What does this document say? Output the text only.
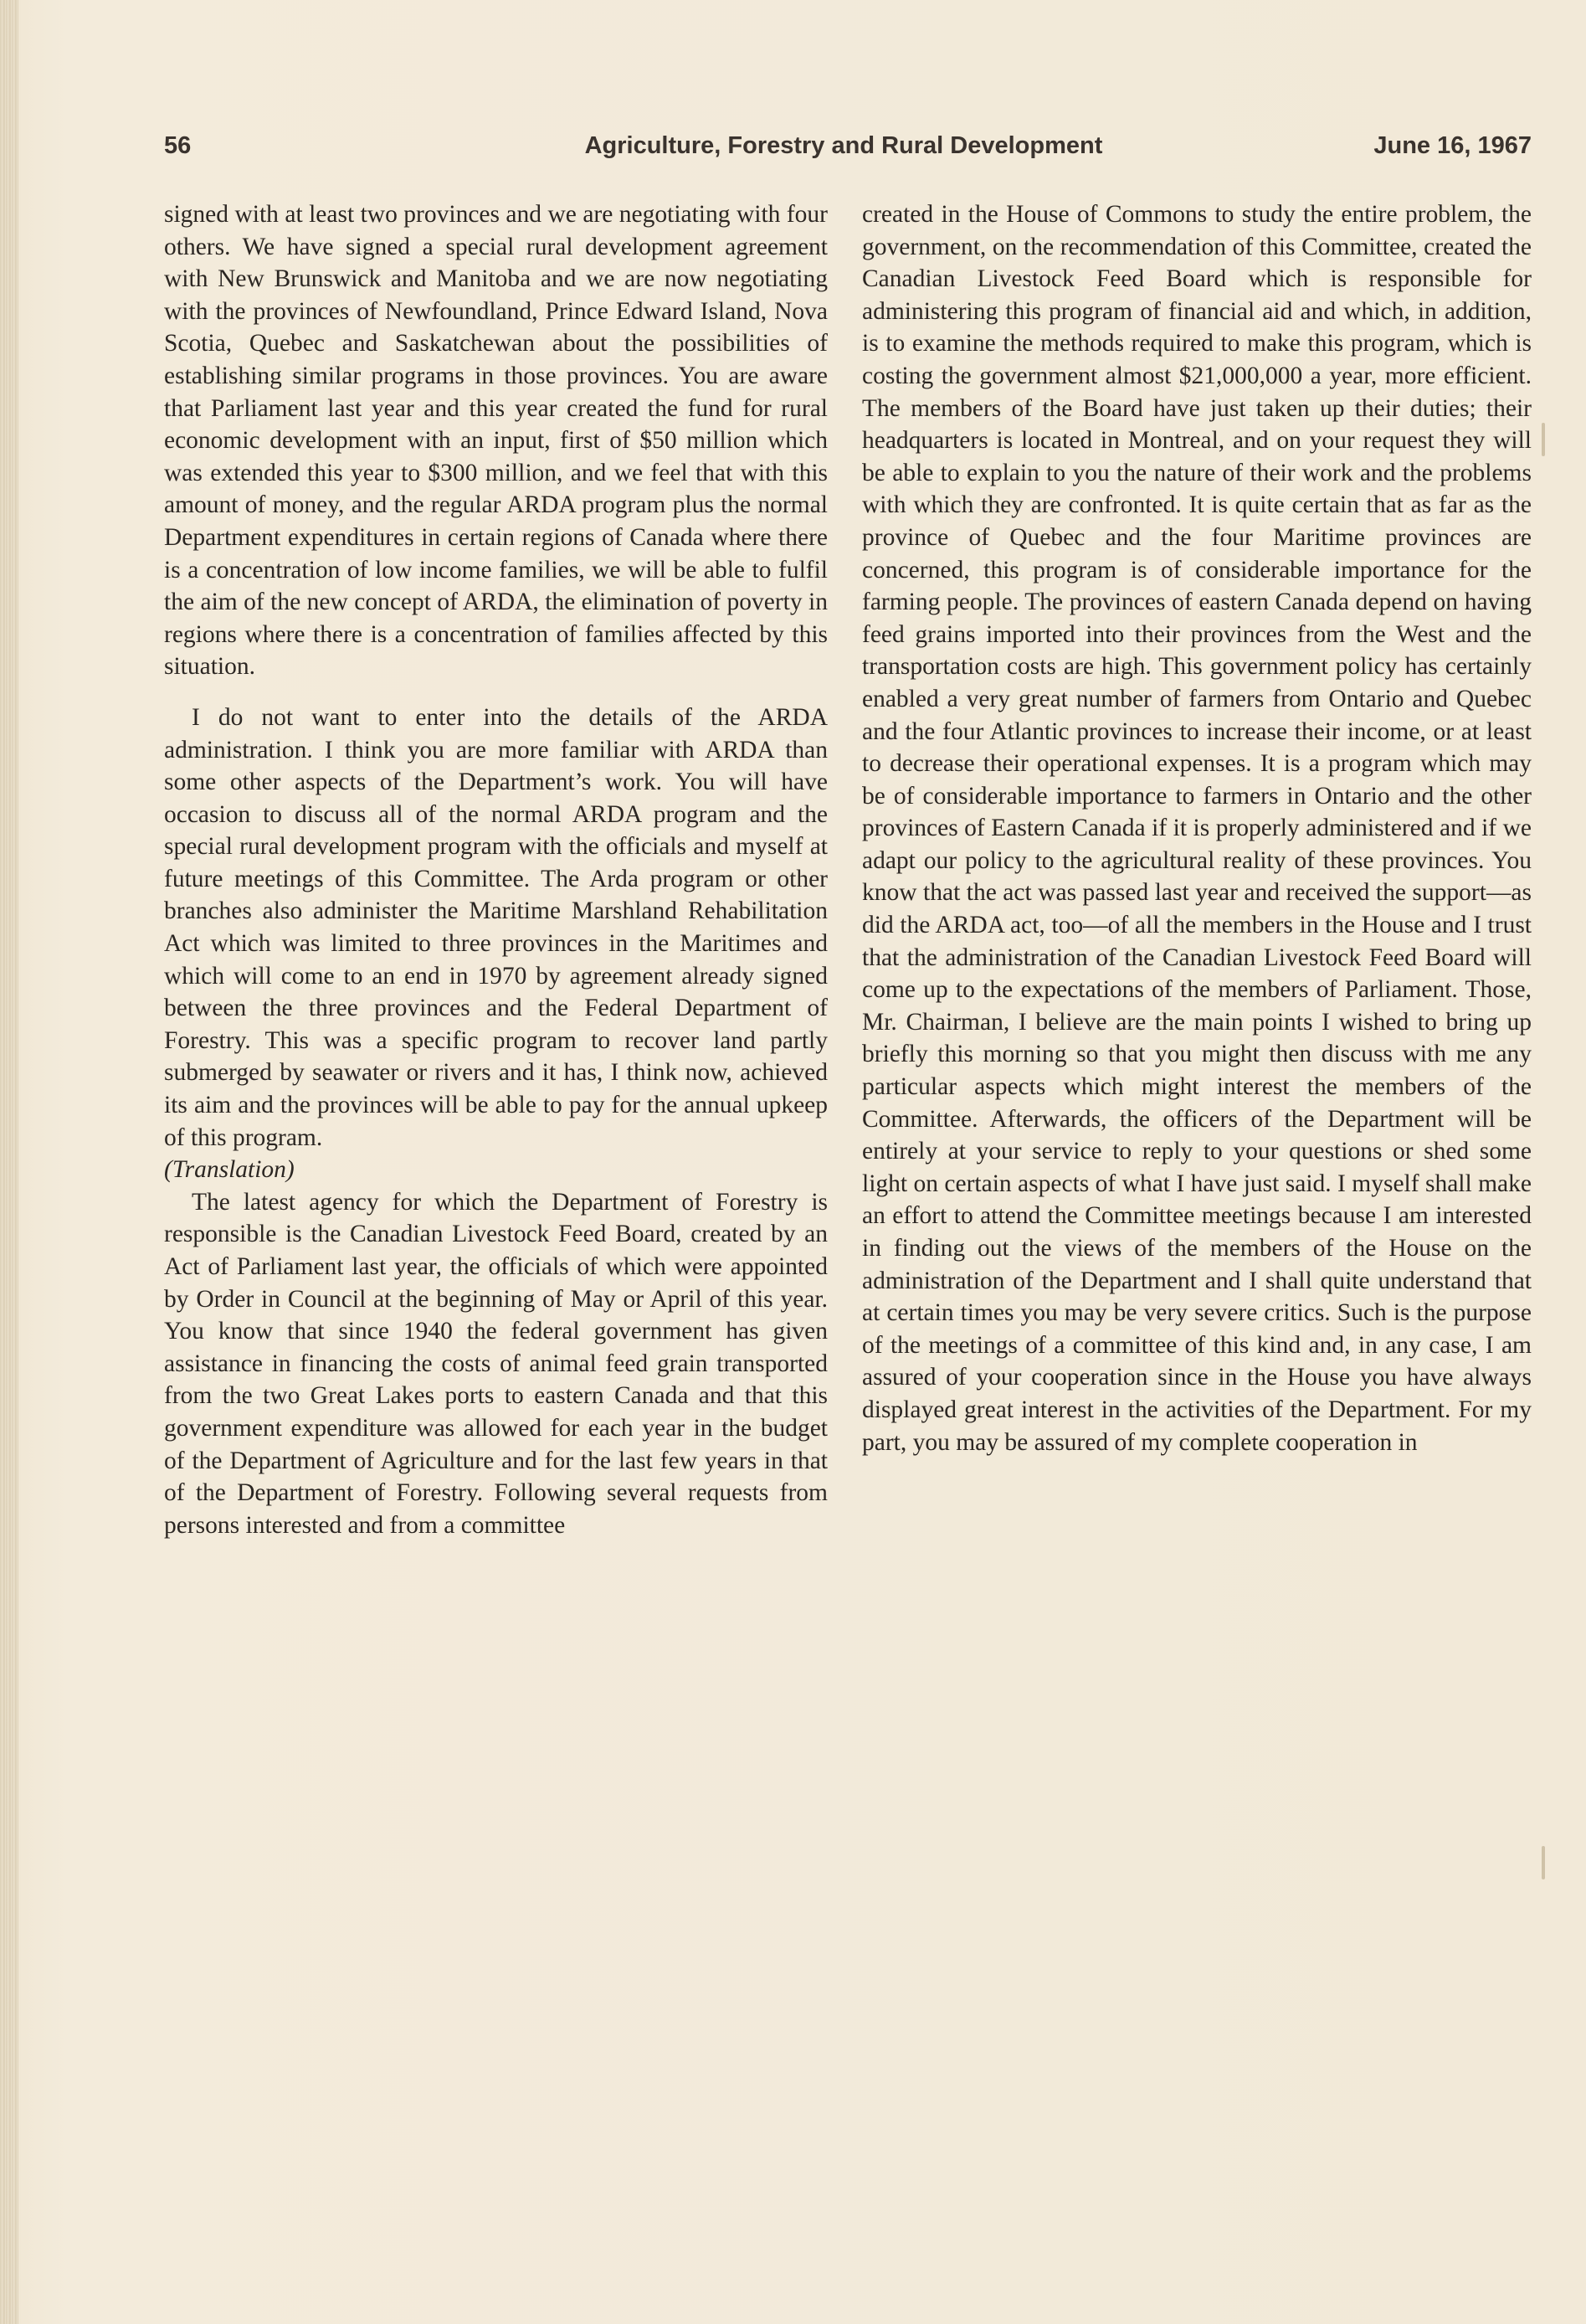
56	Agriculture, Forestry and Rural Development	June 16, 1967

signed with at least two provinces and we are negotiating with four others. We have signed a special rural development agreement with New Brunswick and Manitoba and we are now negotiating with the provinces of Newfoundland, Prince Edward Island, Nova Scotia, Quebec and Saskatchewan about the possibilities of establishing similar programs in those provinces. You are aware that Parliament last year and this year created the fund for rural economic development with an input, first of $50 million which was extended this year to $300 million, and we feel that with this amount of money, and the regular ARDA program plus the normal Department expenditures in certain regions of Canada where there is a concentration of low income families, we will be able to fulfil the aim of the new concept of ARDA, the elimination of poverty in regions where there is a concentration of families affected by this situation.

I do not want to enter into the details of the ARDA administration. I think you are more familiar with ARDA than some other aspects of the Department’s work. You will have occasion to discuss all of the normal ARDA program and the special rural development program with the officials and myself at future meetings of this Committee. The Arda program or other branches also administer the Maritime Marshland Rehabilitation Act which was limited to three provinces in the Maritimes and which will come to an end in 1970 by agreement already signed between the three provinces and the Federal Department of Forestry. This was a specific program to recover land partly submerged by seawater or rivers and it has, I think now, achieved its aim and the provinces will be able to pay for the annual upkeep of this program.

(Translation)

The latest agency for which the Department of Forestry is responsible is the Canadian Livestock Feed Board, created by an Act of Parliament last year, the officials of which were appointed by Order in Council at the beginning of May or April of this year. You know that since 1940 the federal government has given assistance in financing the costs of animal feed grain transported from the two Great Lakes ports to eastern Canada and that this government expenditure was allowed for each year in the budget of the Department of Agriculture and for the last few years in that of the Department of Forestry. Following several requests from persons interested and from a committee

created in the House of Commons to study the entire problem, the government, on the recommendation of this Committee, created the Canadian Livestock Feed Board which is responsible for administering this program of financial aid and which, in addition, is to examine the methods required to make this program, which is costing the government almost $21,000,000 a year, more efficient. The members of the Board have just taken up their duties; their headquarters is located in Montreal, and on your request they will be able to explain to you the nature of their work and the problems with which they are confronted. It is quite certain that as far as the province of Quebec and the four Maritime provinces are concerned, this program is of considerable importance for the farming people. The provinces of eastern Canada depend on having feed grains imported into their provinces from the West and the transportation costs are high. This government policy has certainly enabled a very great number of farmers from Ontario and Quebec and the four Atlantic provinces to increase their income, or at least to decrease their operational expenses. It is a program which may be of considerable importance to farmers in Ontario and the other provinces of Eastern Canada if it is properly administered and if we adapt our policy to the agricultural reality of these provinces. You know that the act was passed last year and received the support—as did the ARDA act, too—of all the members in the House and I trust that the administration of the Canadian Livestock Feed Board will come up to the expectations of the members of Parliament. Those, Mr. Chairman, I believe are the main points I wished to bring up briefly this morning so that you might then discuss with me any particular aspects which might interest the members of the Committee. Afterwards, the officers of the Department will be entirely at your service to reply to your questions or shed some light on certain aspects of what I have just said. I myself shall make an effort to attend the Committee meetings because I am interested in finding out the views of the members of the House on the administration of the Department and I shall quite understand that at certain times you may be very severe critics. Such is the purpose of the meetings of a committee of this kind and, in any case, I am assured of your cooperation since in the House you have always displayed great interest in the activities of the Department. For my part, you may be assured of my complete cooperation in
